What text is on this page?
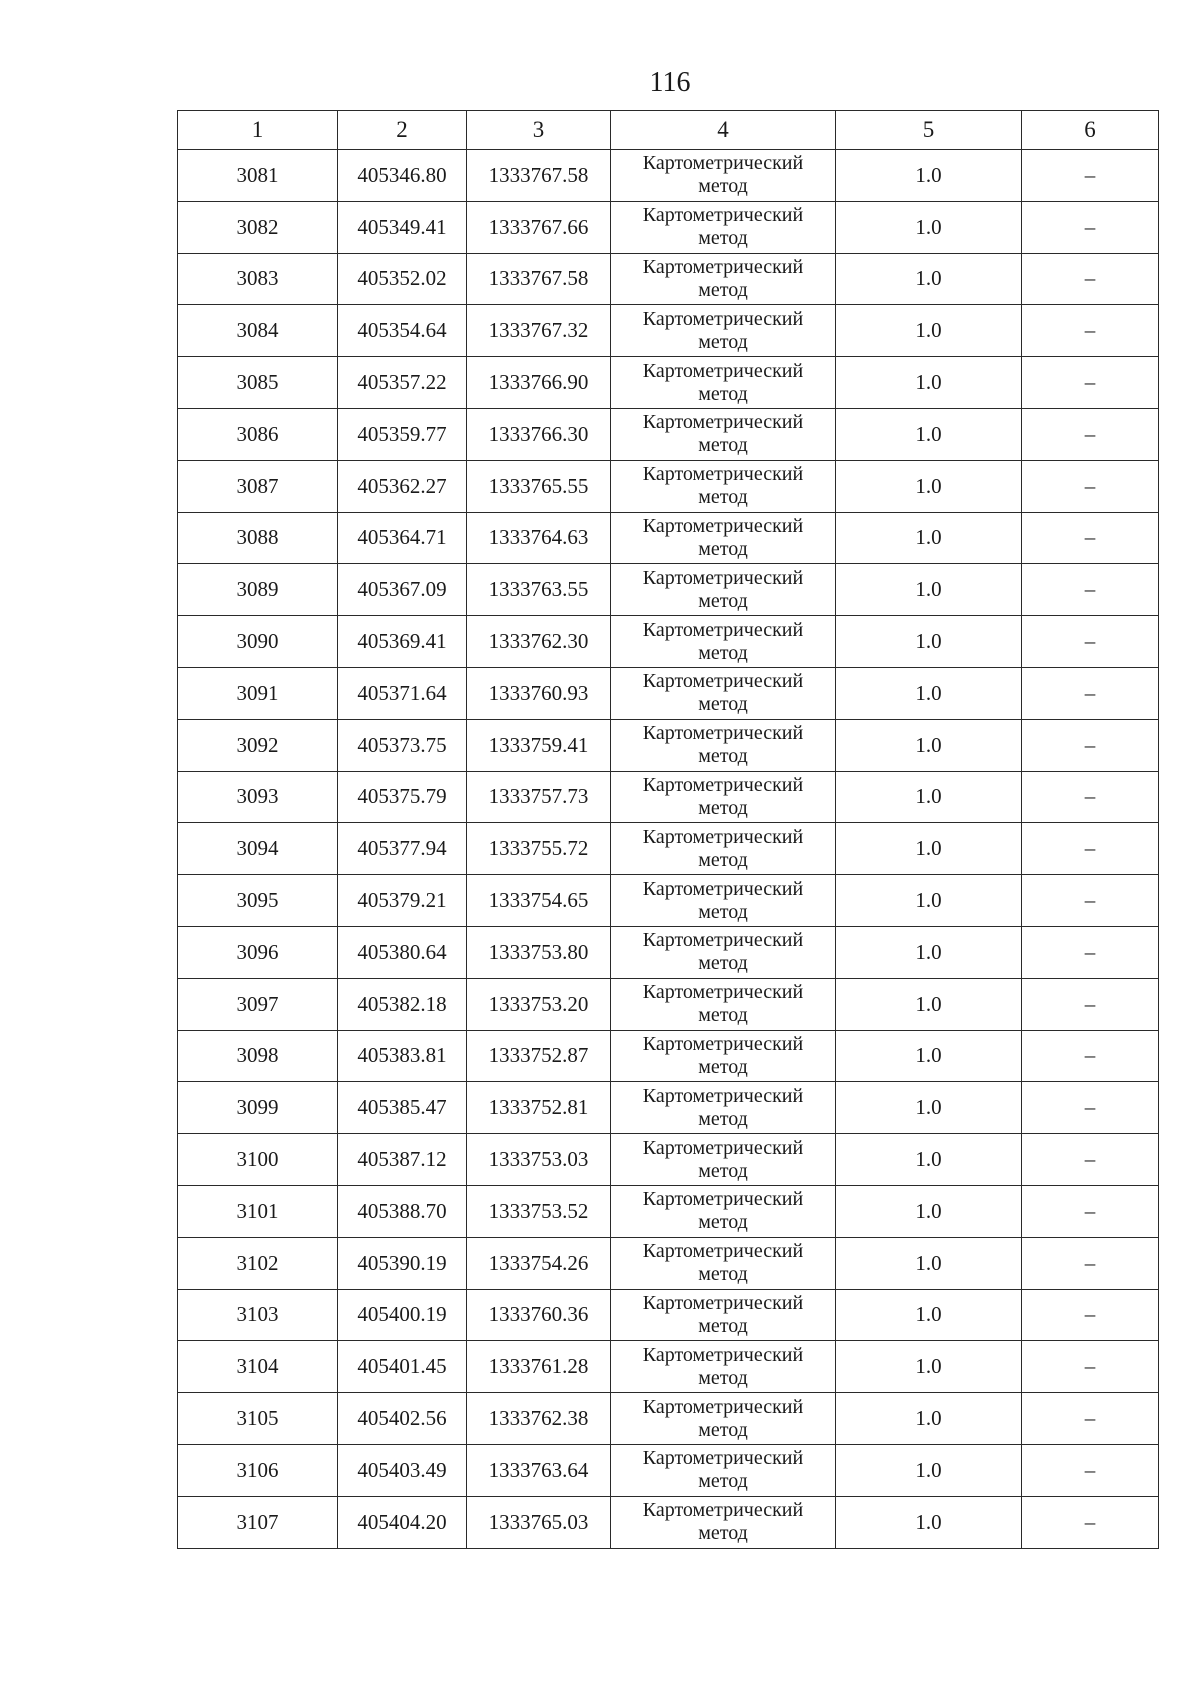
116
1	2	3	4	5	6
3081	405346.80	1333767.58	Картометрический
метод	1.0	–
3082	405349.41	1333767.66	Картометрический
метод	1.0	–
3083	405352.02	1333767.58	Картометрический
метод	1.0	–
3084	405354.64	1333767.32	Картометрический
метод	1.0	–
3085	405357.22	1333766.90	Картометрический
метод	1.0	–
3086	405359.77	1333766.30	Картометрический
метод	1.0	–
3087	405362.27	1333765.55	Картометрический
метод	1.0	–
3088	405364.71	1333764.63	Картометрический
метод	1.0	–
3089	405367.09	1333763.55	Картометрический
метод	1.0	–
3090	405369.41	1333762.30	Картометрический
метод	1.0	–
3091	405371.64	1333760.93	Картометрический
метод	1.0	–
3092	405373.75	1333759.41	Картометрический
метод	1.0	–
3093	405375.79	1333757.73	Картометрический
метод	1.0	–
3094	405377.94	1333755.72	Картометрический
метод	1.0	–
3095	405379.21	1333754.65	Картометрический
метод	1.0	–
3096	405380.64	1333753.80	Картометрический
метод	1.0	–
3097	405382.18	1333753.20	Картометрический
метод	1.0	–
3098	405383.81	1333752.87	Картометрический
метод	1.0	–
3099	405385.47	1333752.81	Картометрический
метод	1.0	–
3100	405387.12	1333753.03	Картометрический
метод	1.0	–
3101	405388.70	1333753.52	Картометрический
метод	1.0	–
3102	405390.19	1333754.26	Картометрический
метод	1.0	–
3103	405400.19	1333760.36	Картометрический
метод	1.0	–
3104	405401.45	1333761.28	Картометрический
метод	1.0	–
3105	405402.56	1333762.38	Картометрический
метод	1.0	–
3106	405403.49	1333763.64	Картометрический
метод	1.0	–
3107	405404.20	1333765.03	Картометрический
метод	1.0	–
